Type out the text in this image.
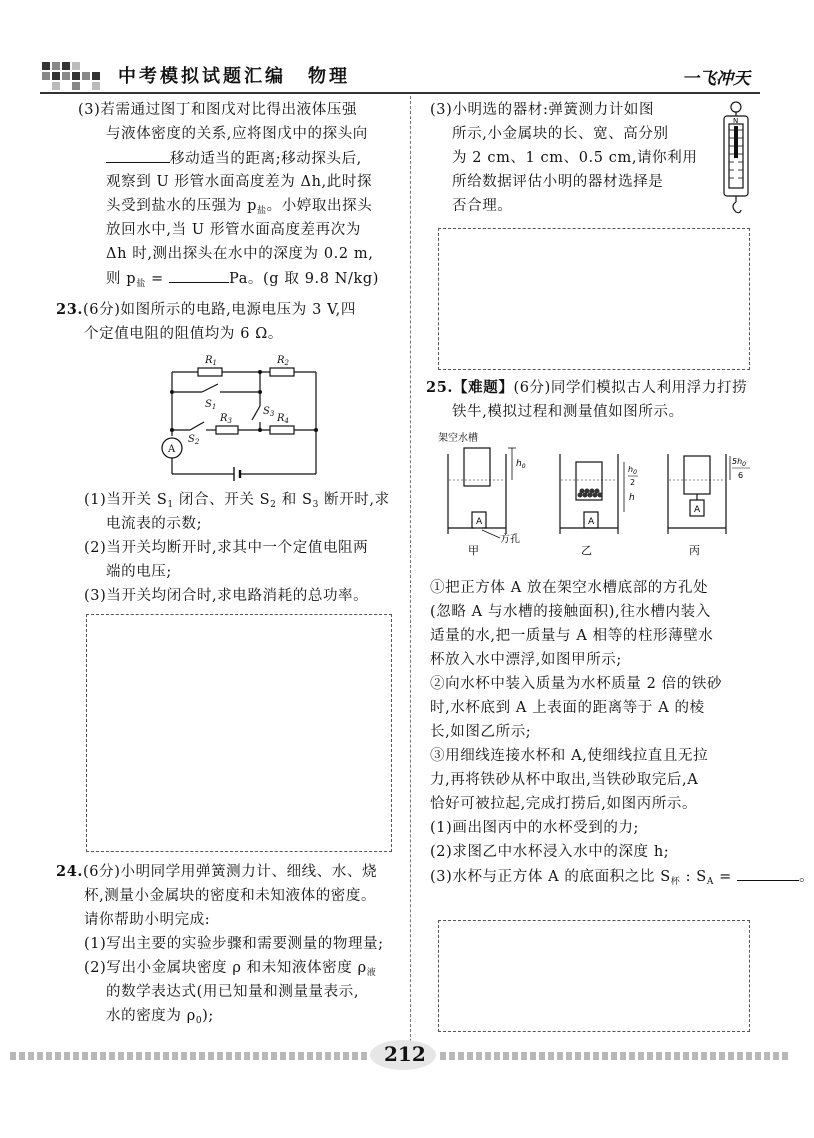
中考模拟试题汇编 物理	一飞冲天
(3)若需通过图丁和图戊对比得出液体压强
与液体密度的关系,应将图戊中的探头向
移动适当的距离;移动探头后,
观察到 U 形管水面高度差为 Δh,此时探
头受到盐水的压强为 $p_盐$。小婷取出探头
放回水中,当 U 形管水面高度差再次为
Δh 时,测出探头在水中的深度为 0.2 m,
则 $p_盐$ =	Pa。(g 取 9.8 N/kg)
23.(6分)如图所示的电路,电源电压为 3 V,四
个定值电阻的阻值均为 6 Ω。
$R_1$	$R_2$
$S_1$
$R_3$
$S_3$ $R_4$
$S_2$
A
(1)当开关 $S_1$ 闭合、开关 $S_2$ 和 $S_3$ 断开时,求
电流表的示数;
(2)当开关均断开时,求其中一个定值电阻两
端的电压;
(3)当开关均闭合时,求电路消耗的总功率。
24.(6分)小明同学用弹簧测力计、细线、水、烧
杯,测量小金属块的密度和未知液体的密度。
请你帮助小明完成:
(1)写出主要的实验步骤和需要测量的物理量;
(2)写出小金属块密度 ρ 和未知液体密度 $\rho_液$
的数学表达式(用已知量和测量量表示,
水的密度为 $\rho_0$);
(3)小明选的器材:弹簧测力计如图
所示,小金属块的长、宽、高分别
为 2 cm、1 cm、0.5 cm,请你利用
所给数据评估小明的器材选择是
否合理。
N
25.【难题】(6分)同学们模拟古人利用浮力打捞
铁牛,模拟过程和测量值如图所示。
架空水槽
A
$h_0$
方孔
甲
A
$h_0$
2
h
乙
A
$5h_0$
6
丙
①把正方体 A 放在架空水槽底部的方孔处
(忽略 A 与水槽的接触面积),往水槽内装入
适量的水,把一质量与 A 相等的柱形薄壁水
杯放入水中漂浮,如图甲所示;
②向水杯中装入质量为水杯质量 2 倍的铁砂
时,水杯底到 A 上表面的距离等于 A 的棱
长,如图乙所示;
③用细线连接水杯和 A,使细线拉直且无拉
力,再将铁砂从杯中取出,当铁砂取完后,A
恰好可被拉起,完成打捞后,如图丙所示。
(1)画出图丙中的水杯受到的力;
(2)求图乙中水杯浸入水中的深度 h;
(3)水杯与正方体 A 的底面积之比 $S_杯$ : $S_A$ =	。
212
